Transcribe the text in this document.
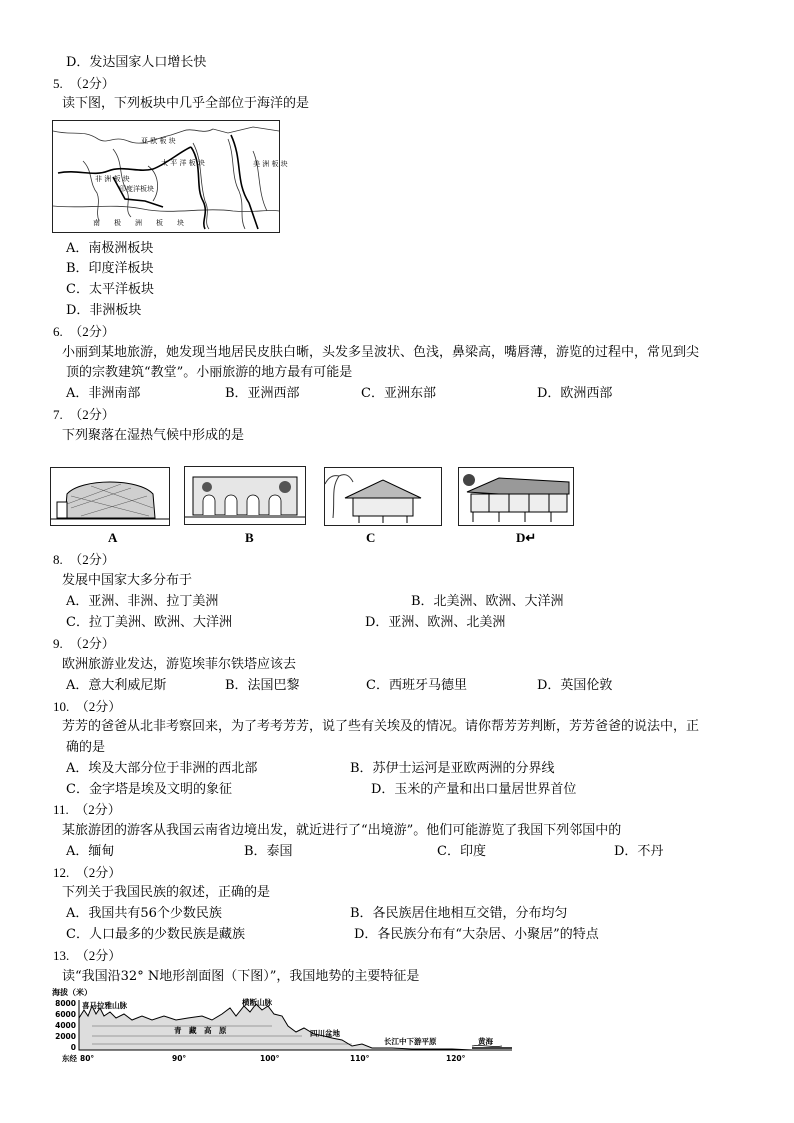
D．发达国家人口增长快
5.　（2分）
读下图，下列板块中几乎全部位于海洋的是
亚 欧 板 块
太 平 洋 板 块
印度洋板块
非 洲 板 块
南　　极　　洲　　板　　块
美 洲 板 块
A．南极洲板块
B．印度洋板块
C．太平洋板块
D．非洲板块
6.　（2分）
小丽到某地旅游，她发现当地居民皮肤白晰，头发多呈波状、色浅，鼻梁高，嘴唇薄，游览的过程中，常见到尖
顶的宗教建筑“教堂”。小丽旅游的地方最有可能是
A．非洲南部	B．亚洲西部	C．亚洲东部	D．欧洲西部
7.　（2分）
下列聚落在湿热气候中形成的是
A	B	C	D↵
8.　（2分）
发展中国家大多分布于
A．亚洲、非洲、拉丁美洲	B．北美洲、欧洲、大洋洲
C．拉丁美洲、欧洲、大洋洲	D．亚洲、欧洲、北美洲
9.　（2分）
欧洲旅游业发达，游览埃菲尔铁塔应该去
A．意大利威尼斯	B．法国巴黎	C．西班牙马德里	D．英国伦敦
10.　（2分）
芳芳的爸爸从北非考察回来，为了考考芳芳，说了些有关埃及的情况。请你帮芳芳判断，芳芳爸爸的说法中，正
确的是
A．埃及大部分位于非洲的西北部	B．苏伊士运河是亚欧两洲的分界线
C．金字塔是埃及文明的象征	D．玉米的产量和出口量居世界首位
11.　（2分）
某旅游团的游客从我国云南省边境出发，就近进行了“出境游”。他们可能游览了我国下列邻国中的
A．缅甸	B．泰国	C．印度	D．不丹
12.　（2分）
下列关于我国民族的叙述，正确的是
A．我国共有56个少数民族	B．各民族居住地相互交错，分布均匀
C．人口最多的少数民族是藏族	D．各民族分布有“大杂居、小聚居”的特点
13.　（2分）
读“我国沿32° N地形剖面图（下图）”，我国地势的主要特征是
海拔（米）
8000
6000
4000
2000
0
喜马拉雅山脉	横断山脉
青　藏　高　原	四川盆地
长江中下游平原	黄海
东经 80°	90°	100°	110°	120°
